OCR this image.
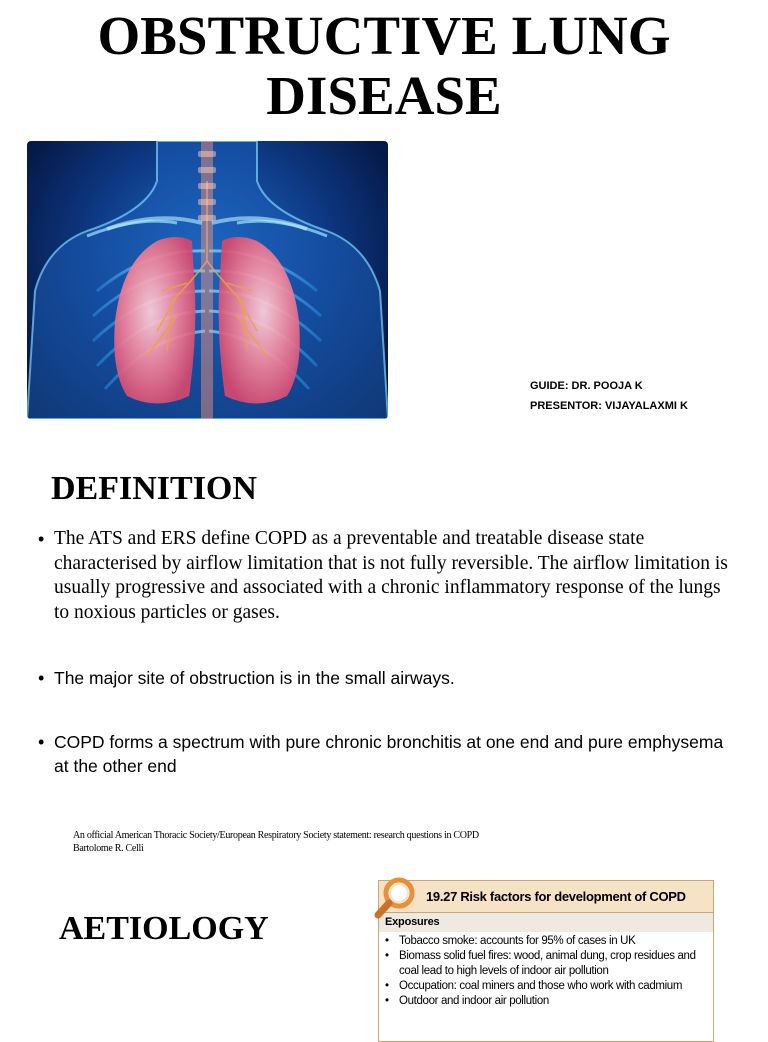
OBSTRUCTIVE LUNG DISEASE
GUIDE: DR. POOJA K
PRESENTOR: VIJAYALAXMI K
DEFINITION
• The ATS and ERS define COPD as a preventable and treatable disease state characterised by airflow limitation that is not fully reversible. The airflow limitation is usually progressive and associated with a chronic inflammatory response of the lungs to noxious particles or gases.
• The major site of obstruction is in the small airways.
• COPD forms a spectrum with pure chronic bronchitis at one end and pure emphysema at the other end
An official American Thoracic Society/European Respiratory Society statement: research questions in COPD
Bartolome R. Celli
AETIOLOGY
19.27 Risk factors for development of COPD
Exposures
• Tobacco smoke: accounts for 95% of cases in UK
• Biomass solid fuel fires: wood, animal dung, crop residues and coal lead to high levels of indoor air pollution
• Occupation: coal miners and those who work with cadmium
• Outdoor and indoor air pollution
